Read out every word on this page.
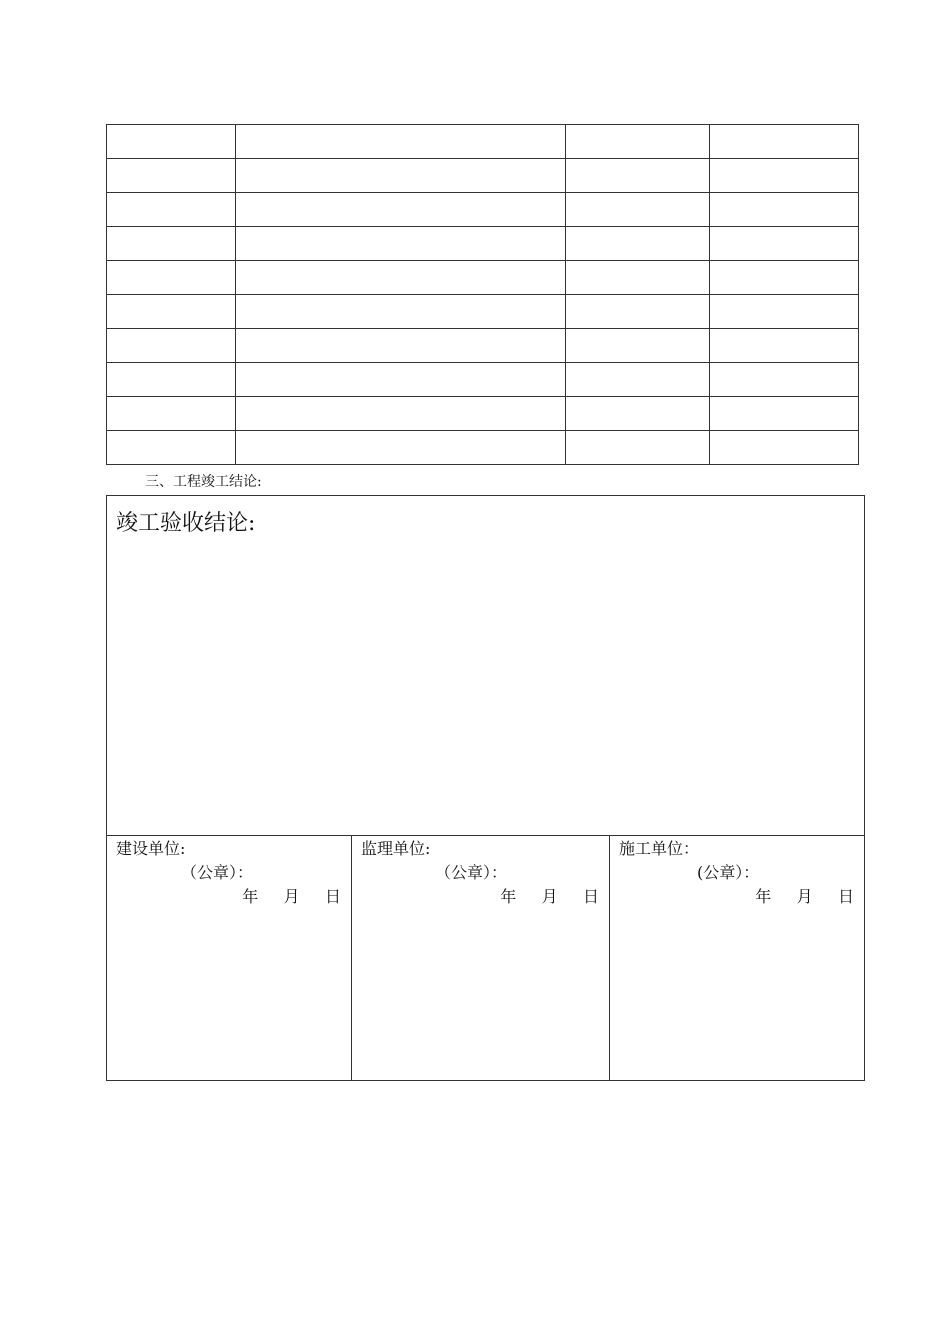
三、工程竣工结论:
竣工验收结论:
建设单位:
（公章）：
年    月    日
监理单位:
（公章）：
年    月    日
施工单位：
(公章）：
年    月    日
